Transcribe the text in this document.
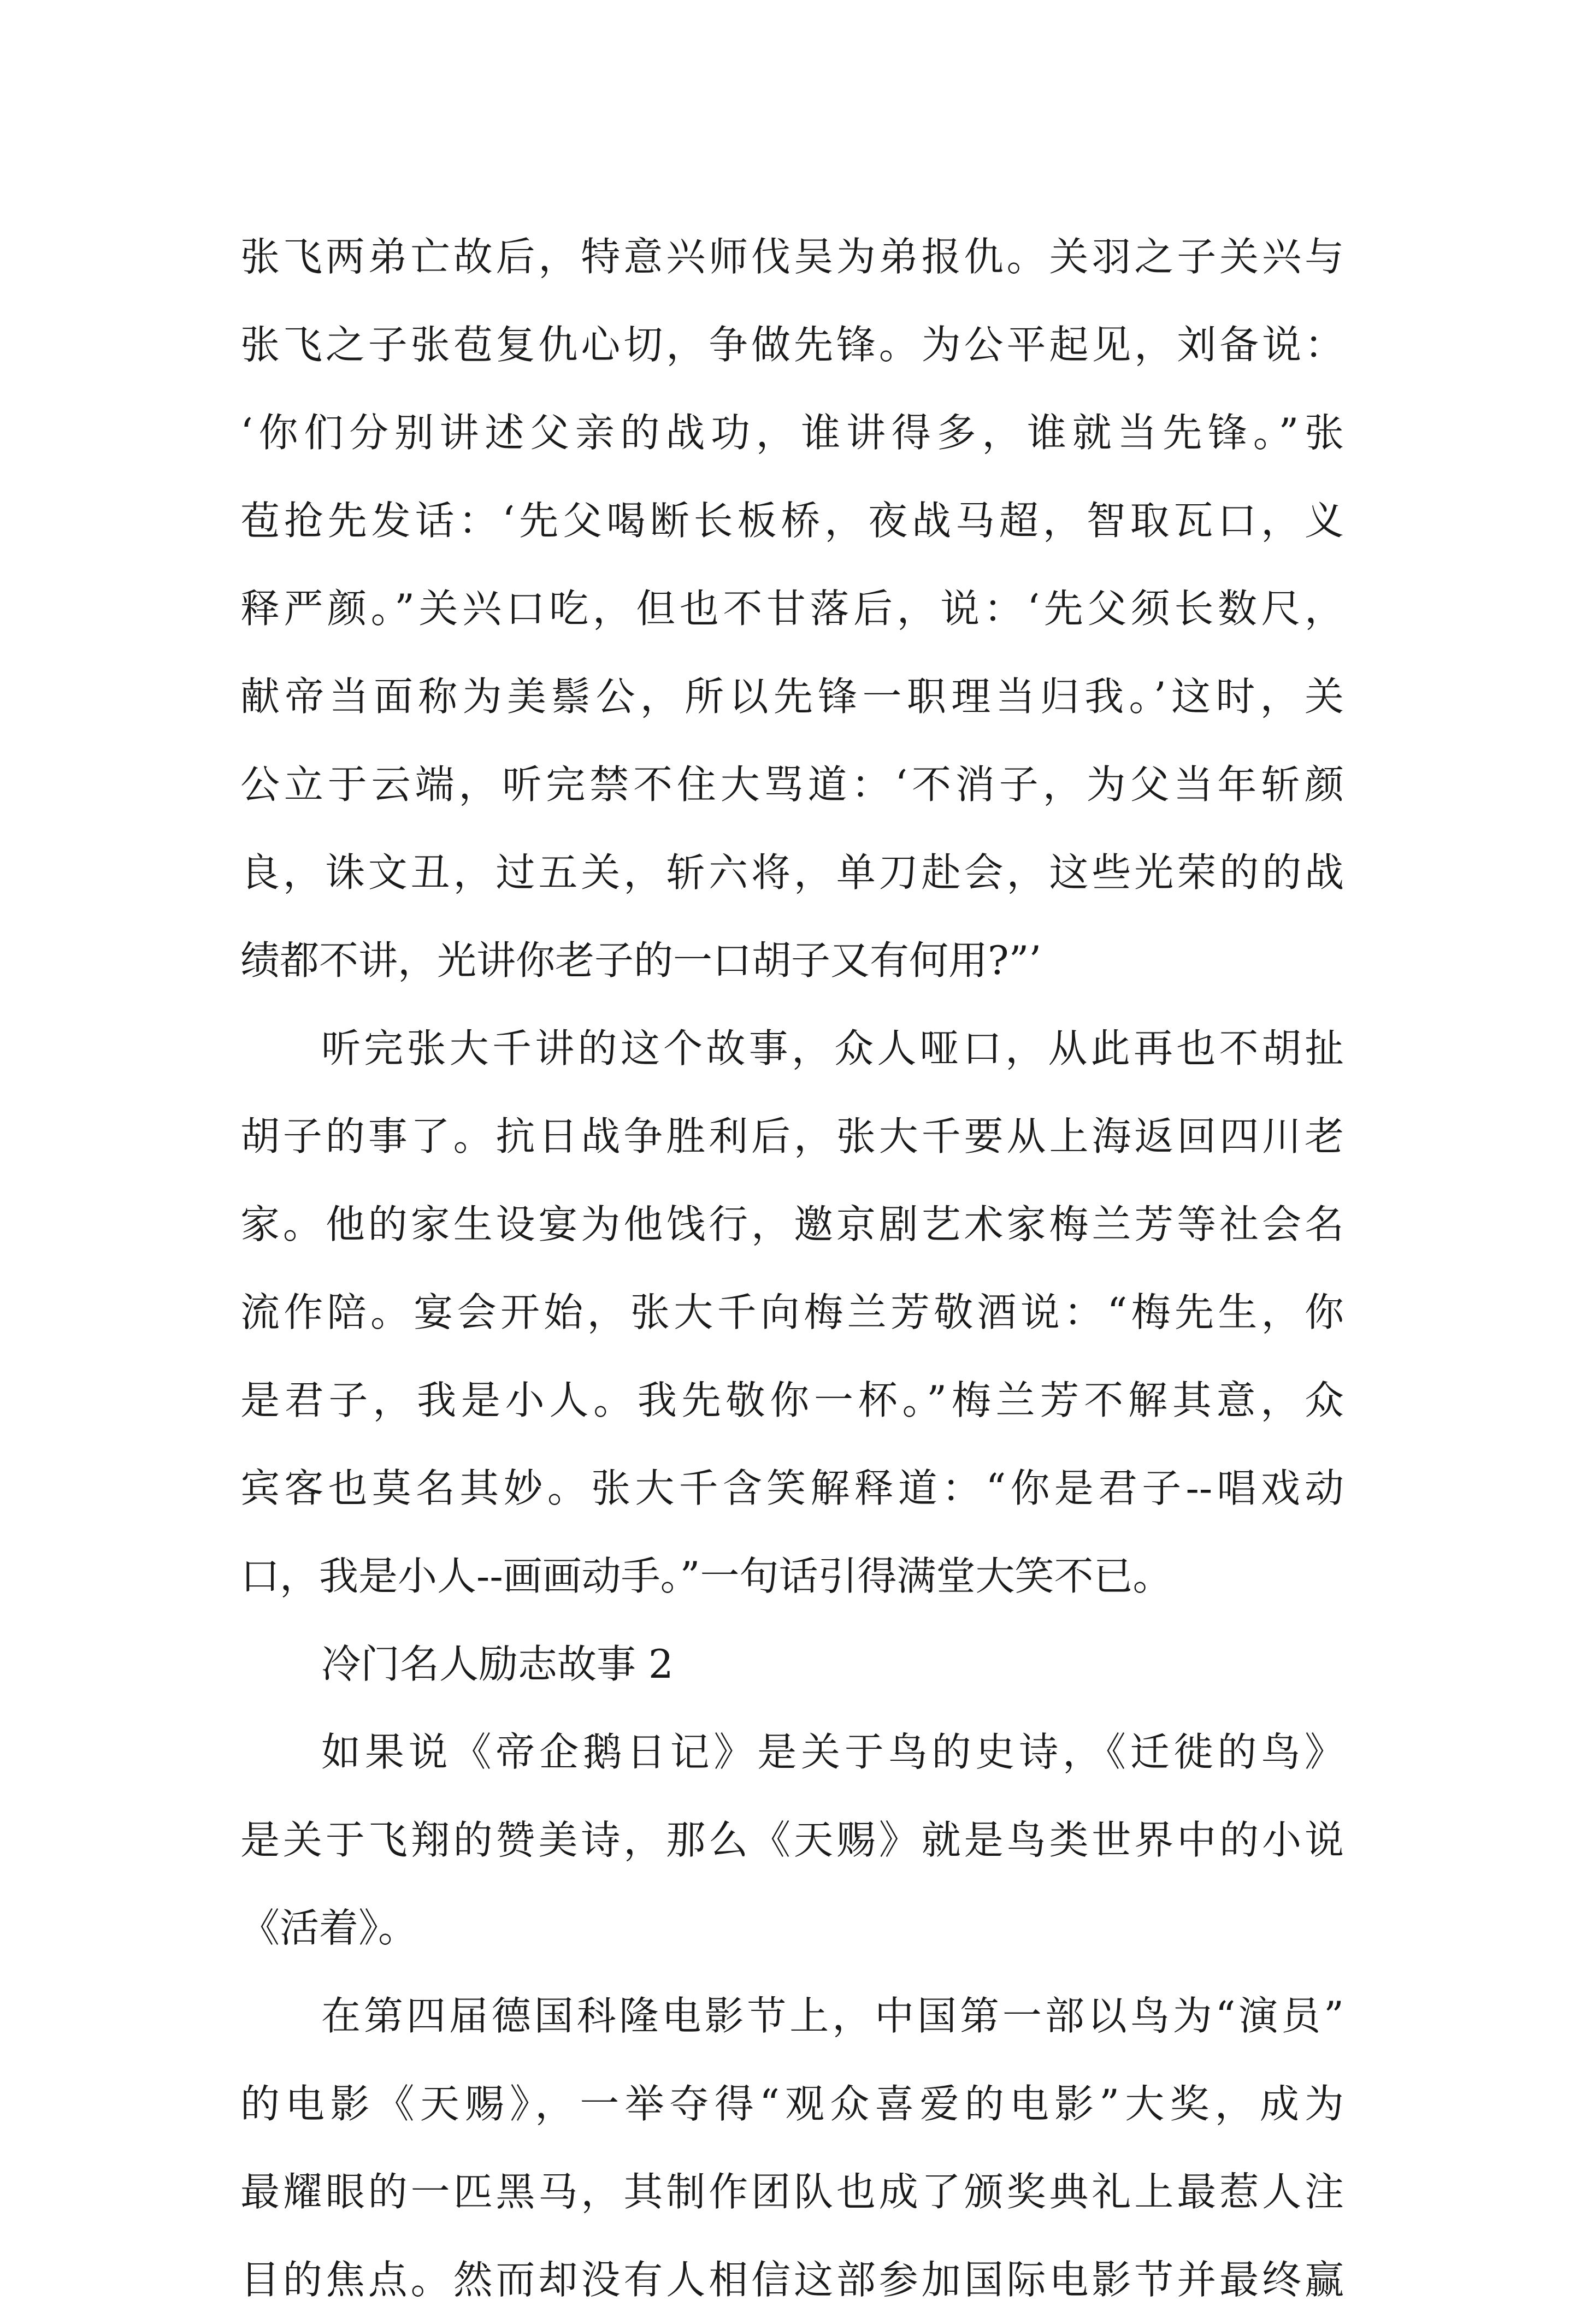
张飞两弟亡故后，特意兴师伐吴为弟报仇。关羽之子关兴与
张飞之子张苞复仇心切，争做先锋。为公平起见，刘备说：
‘你们分别讲述父亲的战功，谁讲得多，谁就当先锋。”张
苞抢先发话：‘先父喝断长板桥，夜战马超，智取瓦口，义
释严颜。”关兴口吃，但也不甘落后，说：‘先父须长数尺，
献帝当面称为美鬃公，所以先锋一职理当归我。’这时，关
公立于云端，听完禁不住大骂道：‘不消子，为父当年斩颜
良，诛文丑，过五关，斩六将，单刀赴会，这些光荣的的战
绩都不讲，光讲你老子的一口胡子又有何用?”’
听完张大千讲的这个故事，众人哑口，从此再也不胡扯
胡子的事了。抗日战争胜利后，张大千要从上海返回四川老
家。他的家生设宴为他饯行，邀京剧艺术家梅兰芳等社会名
流作陪。宴会开始，张大千向梅兰芳敬酒说：“梅先生，你
是君子，我是小人。我先敬你一杯。”梅兰芳不解其意，众
宾客也莫名其妙。张大千含笑解释道：“你是君子--唱戏动
口，我是小人--画画动手。”一句话引得满堂大笑不已。
冷门名人励志故事 2
如果说《帝企鹅日记》是关于鸟的史诗，《迁徙的鸟》
是关于飞翔的赞美诗，那么《天赐》就是鸟类世界中的小说
《活着》。
在第四届德国科隆电影节上，中国第一部以鸟为“演员”
的电影《天赐》，一举夺得“观众喜爱的电影”大奖，成为
最耀眼的一匹黑马，其制作团队也成了颁奖典礼上最惹人注
目的焦点。然而却没有人相信这部参加国际电影节并最终赢
